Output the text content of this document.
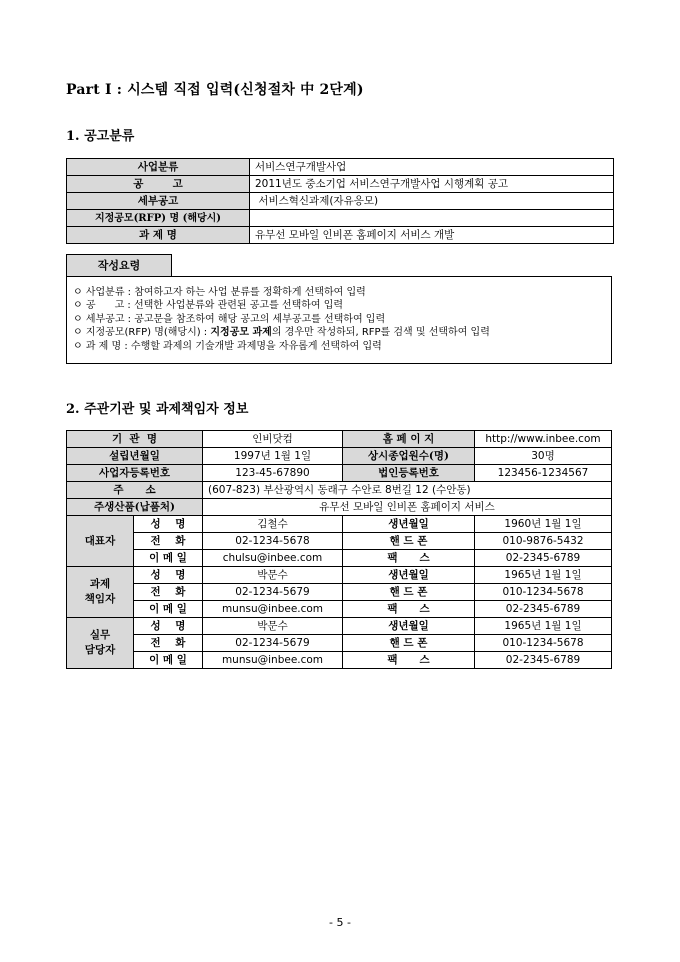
Part Ⅰ : 시스템 직접 입력(신청절차 中 2단계)
1. 공고분류
사업분류	서비스연구개발사업
공        고	2011년도 중소기업 서비스연구개발사업 시행계획 공고
세부공고	서비스혁신과제(자유응모)
지정공모(RFP) 명 (해당시)	
과 제 명	유무선 모바일 인비폰 홈페이지 서비스 개발
작성요령
ㅇ 사업분류 : 참여하고자 하는 사업 분류를 정확하게 선택하여 입력
ㅇ 공      고 : 선택한 사업분류와 관련된 공고를 선택하여 입력
ㅇ 세부공고 : 공고문을 참조하여 해당 공고의 세부공고를 선택하여 입력
ㅇ 지정공모(RFP) 명(해당시) : 지정공모 과제의 경우만 작성하되, RFP를 검색 및 선택하여 입력
ㅇ 과 제 명 : 수행할 과제의 기술개발 과제명을 자유롭게 선택하여 입력
2. 주관기관 및 과제책임자 정보
기  관  명		인비닷컴	홈 페 이 지	http://www.inbee.com
설립년월일		1997년 1월 1일	상시종업원수(명)	30명
사업자등록번호		123-45-67890	법인등록번호	123456-1234567
주      소		(607-823) 부산광역시 동래구 수안로 8번길 12 (수안동)		
주생산품(납품처)		유무선 모바일 인비폰 홈페이지 서비스		
대표자	성    명	김철수	생년월일	1960년 1월 1일
	전    화	02-1234-5678	핸 드 폰	010-9876-5432
	이 메 일	chulsu@inbee.com	팩      스	02-2345-6789
과제
책임자	성    명	박문수	생년월일	1965년 1월 1일
	전    화	02-1234-5679	핸 드 폰	010-1234-5678
	이 메 일	munsu@inbee.com	팩      스	02-2345-6789
실무
담당자	성    명	박문수	생년월일	1965년 1월 1일
	전    화	02-1234-5679	핸 드 폰	010-1234-5678
	이 메 일	munsu@inbee.com	팩      스	02-2345-6789
- 5 -
